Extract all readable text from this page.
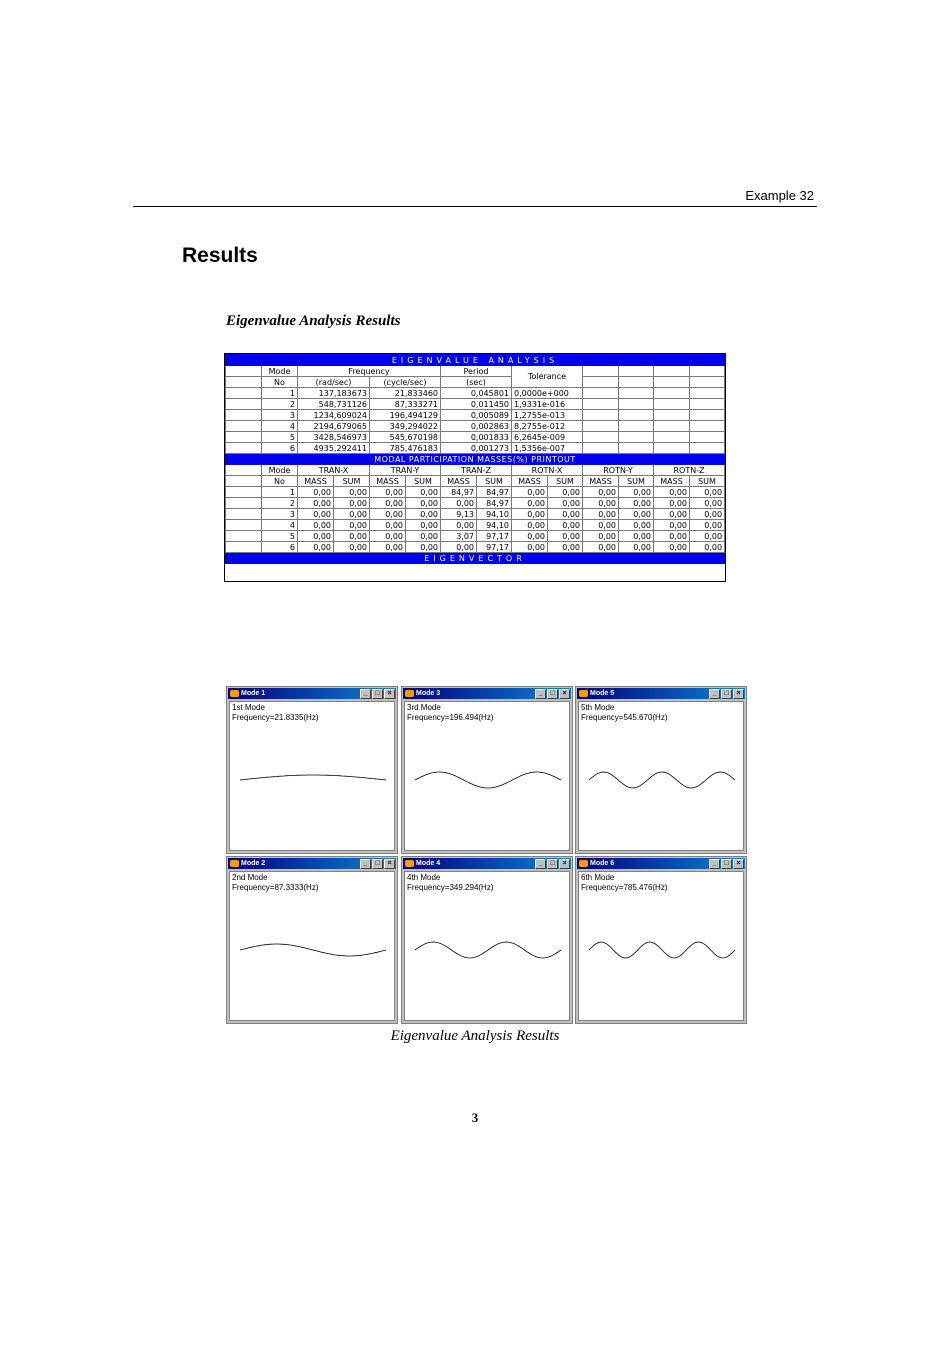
Example 32
Results
Eigenvalue Analysis Results
EIGENVALUE ANALYSIS													
	Mode	Frequency				Period		Tolerance					
	No	(rad/sec)		(cycle/sec)		(sec)							
	1	137,183673		21,833460		0,045801		0,0000e+000					
	2	548,731126		87,333271		0,011450		1,9331e-016					
	3	1234,609024		196,494129		0,005089		1,2755e-013					
	4	2194,679065		349,294022		0,002863		8,2755e-012					
	5	3428,546973		545,670198		0,001833		6,2645e-009					
	6	4935,292411		785,476183		0,001273		1,5356e-007					
MODAL PARTICIPATION MASSES(%) PRINTOUT													
	Mode	TRAN-X		TRAN-Y		TRAN-Z		ROTN-X		ROTN-Y		ROTN-Z	
	No	MASS	SUM	MASS	SUM	MASS	SUM	MASS	SUM	MASS	SUM	MASS	SUM
	1	0,00	0,00	0,00	0,00	84,97	84,97	0,00	0,00	0,00	0,00	0,00	0,00
	2	0,00	0,00	0,00	0,00	0,00	84,97	0,00	0,00	0,00	0,00	0,00	0,00
	3	0,00	0,00	0,00	0,00	9,13	94,10	0,00	0,00	0,00	0,00	0,00	0,00
	4	0,00	0,00	0,00	0,00	0,00	94,10	0,00	0,00	0,00	0,00	0,00	0,00
	5	0,00	0,00	0,00	0,00	3,07	97,17	0,00	0,00	0,00	0,00	0,00	0,00
	6	0,00	0,00	0,00	0,00	0,00	97,17	0,00	0,00	0,00	0,00	0,00	0,00
EIGENVECTOR													
Mode 1	_	□	×
1st Mode
Frequency=21.8335(Hz)
Mode 3	_	□	×
3rd Mode
Frequency=196.494(Hz)
Mode 5	_	□	×
5th Mode
Frequency=545.670(Hz)
Mode 2	_	□	×
2nd Mode
Frequency=87.3333(Hz)
Mode 4	_	□	×
4th Mode
Frequency=349.294(Hz)
Mode 6	_	□	×
6th Mode
Frequency=785.476(Hz)
Eigenvalue Analysis Results
3
